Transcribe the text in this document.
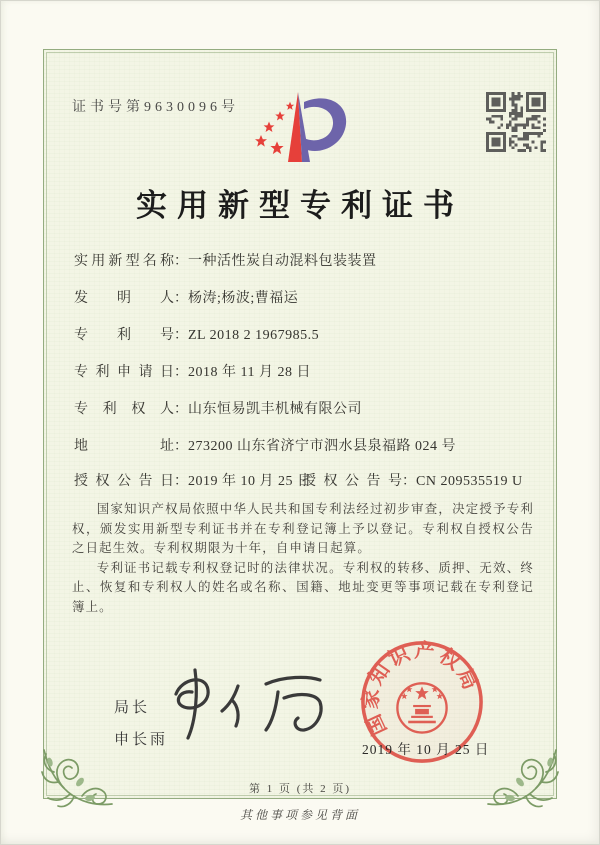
证书号第9630096号
实用新型专利证书
实用新型名称：一种活性炭自动混料包装装置
发明人：杨涛;杨波;曹福运
专利号：ZL 2018 2 1967985.5
专利申请日：2018 年 11 月 28 日
专利权人：山东恒易凯丰机械有限公司
地址：273200 山东省济宁市泗水县泉福路 024 号
授权公告日：2019 年 10 月 25 日
授权公告号：CN 209535519 U

国家知识产权局依照中华人民共和国专利法经过初步审查，决定授予专利权，颁发实用新型专利证书并在专利登记簿上予以登记。专利权自授权公告之日起生效。专利权期限为十年，自申请日起算。

专利证书记载专利权登记时的法律状况。专利权的转移、质押、无效、终止、恢复和专利权人的姓名或名称、国籍、地址变更等事项记载在专利登记簿上。

局长
申长雨
国家知识产权局
2019 年 10 月 25 日
第 1 页 (共 2 页)
其他事项参见背面
